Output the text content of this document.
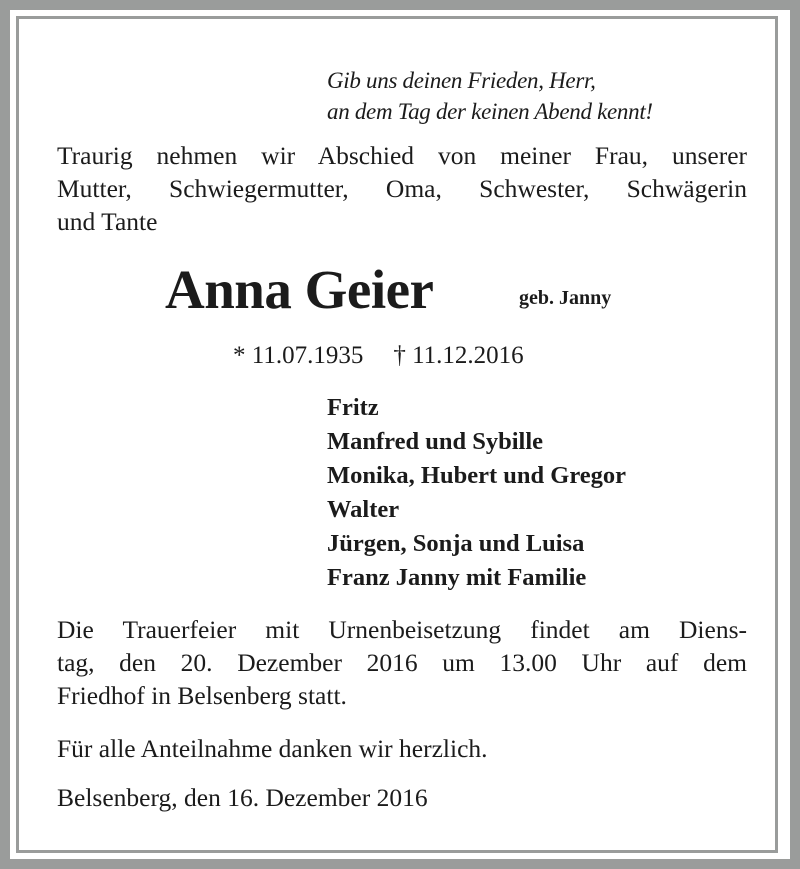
Gib uns deinen Frieden, Herr,
an dem Tag der keinen Abend kennt!
Traurig nehmen wir Abschied von meiner Frau, unserer
Mutter, Schwiegermutter, Oma, Schwester, Schwägerin
und Tante
Anna Geier	geb. Janny
* 11.07.1935 † 11.12.2016
Fritz
Manfred und Sybille
Monika, Hubert und Gregor
Walter
Jürgen, Sonja und Luisa
Franz Janny mit Familie
Die Trauerfeier mit Urnenbeisetzung findet am Diens-
tag, den 20. Dezember 2016 um 13.00 Uhr auf dem
Friedhof in Belsenberg statt.
Für alle Anteilnahme danken wir herzlich.
Belsenberg, den 16. Dezember 2016
